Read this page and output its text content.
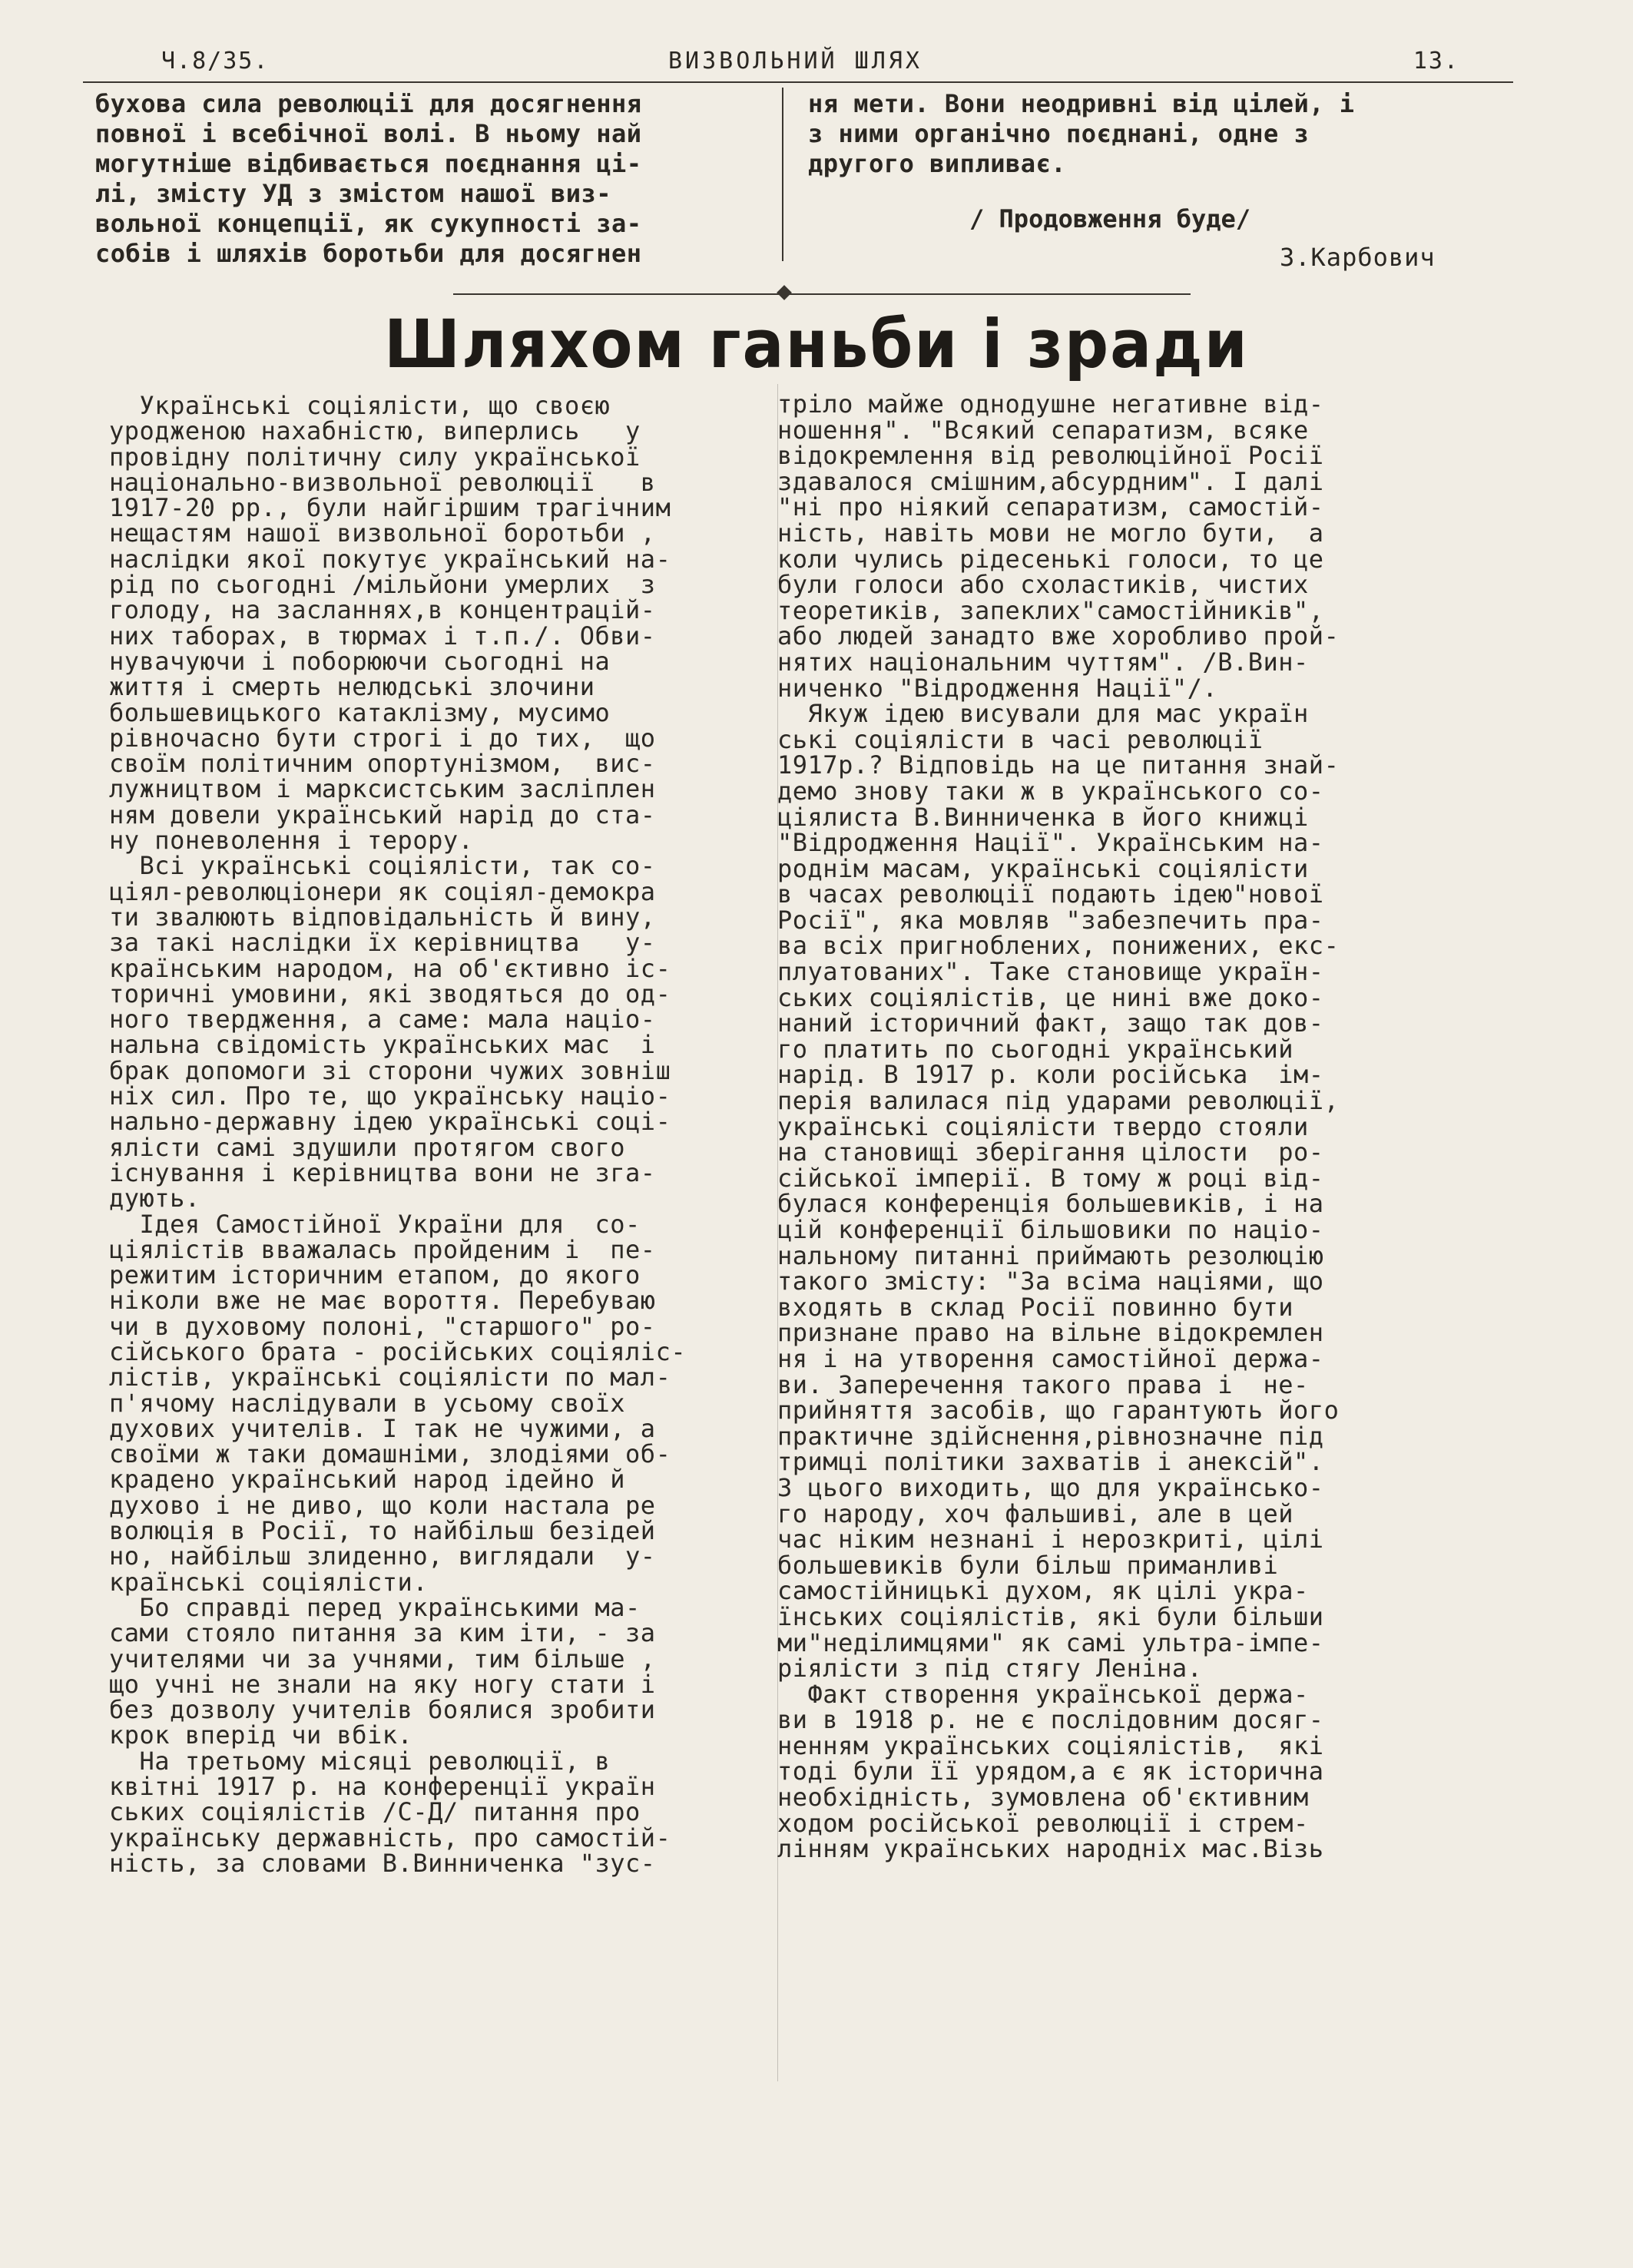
Ч.8/35.	ВИЗВОЛЬНИЙ ШЛЯХ	13.
бухова сила революції для досягнення
повної і всебічної волі. В ньому най
могутніше відбивається поєднання ці-
лі, змісту УД з змістом нашої виз-
вольної концепції, як сукупності за-
собів і шляхів боротьби для досягнен
ня мети. Вони неодривні від цілей, і
з ними органічно поєднані, одне з
другого випливає.
/ Продовження буде/
З.Карбович
Шляхом ганьби і зради
Українські соціялісти, що своєю
уродженою нахабністю, виперлись   у
провідну політичну силу української
національно-визвольної революції   в
1917-20 рр., були найгіршим трагічним
нещастям нашої визвольної боротьби ,
наслідки якої покутує український на-
рід по сьогодні /мільйони умерлих  з
голоду, на засланнях,в концентрацій-
них таборах, в тюрмах і т.п./. Обви-
нувачуючи і поборюючи сьогодні на
життя і смерть нелюдські злочини
большевицького катаклізму, мусимо
рівночасно бути строгі і до тих,  що
своїм політичним опортунізмом,  вис-
лужництвом і марксистським засліплен
ням довели український нарід до ста-
ну поневолення і терору.
Всі українські соціялісти, так со-
ціял-революціонери як соціял-демокра
ти звалюють відповідальність й вину,
за такі наслідки їх керівництва   у-
країнським народом, на об'єктивно іс-
торичні умовини, які зводяться до од-
ного твердження, а саме: мала націо-
нальна свідомість українських мас  і
брак допомоги зі сторони чужих зовніш
ніх сил. Про те, що українську націо-
нально-державну ідею українські соці-
ялісти самі здушили протягом свого
існування і керівництва вони не зга-
дують.
Ідея Самостійної України для  со-
ціялістів вважалась пройденим і  пе-
режитим історичним етапом, до якого
ніколи вже не має вороття. Перебуваю
чи в духовому полоні, "старшого" ро-
сійського брата - російських соціяліс-
лістів, українські соціялісти по мал-
п'ячому наслідували в усьому своїх
духових учителів. І так не чужими, а
своїми ж таки домашніми, злодіями об-
крадено український народ ідейно й
духово і не диво, що коли настала ре
волюція в Росії, то найбільш безідей
но, найбільш злиденно, виглядали  у-
країнські соціялісти.
Бо справді перед українськими ма-
сами стояло питання за ким іти, - за
учителями чи за учнями, тим більше ,
що учні не знали на яку ногу стати і
без дозволу учителів боялися зробити
крок вперід чи вбік.
На третьому місяці революції, в
квітні 1917 р. на конференції україн
ських соціялістів /С-Д/ питання про
українську державність, про самостій-
ність, за словами В.Винниченка "зус-
тріло майже однодушне негативне від-
ношення". "Всякий сепаратизм, всяке
відокремлення від революційної Росії
здавалося смішним,абсурдним". І далі
"ні про ніякий сепаратизм, самостій-
ність, навіть мови не могло бути,  а
коли чулись рідесенькі голоси, то це
були голоси або схоластиків, чистих
теоретиків, запеклих"самостійників",
або людей занадто вже хоробливо прой-
нятих національним чуттям". /В.Вин-
ниченко "Відродження Нації"/.
Якуж ідею висували для мас україн
ські соціялісти в часі революції
1917р.? Відповідь на це питання знай-
демо знову таки ж в українського со-
ціялиста В.Винниченка в його книжці
"Відродження Нації". Українським на-
роднім масам, українські соціялісти
в часах революції подають ідею"нової
Росії", яка мовляв "забезпечить пра-
ва всіх пригноблених, понижених, екс-
плуатованих". Таке становище україн-
ських соціялістів, це нині вже доко-
наний історичний факт, защо так дов-
го платить по сьогодні український
нарід. В 1917 р. коли російська  ім-
перія валилася під ударами революції,
українські соціялісти твердо стояли
на становищі зберігання цілости  ро-
сійської імперії. В тому ж році від-
булася конференція большевиків, і на
цій конференції більшовики по націо-
нальному питанні приймають резолюцію
такого змісту: "За всіма націями, що
входять в склад Росії повинно бути
признане право на вільне відокремлен
ня і на утворення самостійної держа-
ви. Заперечення такого права і  не-
прийняття засобів, що гарантують його
практичне здійснення,рівнозначне під
тримці політики захватів і анексій".
З цього виходить, що для українсько-
го народу, хоч фальшиві, але в цей
час ніким незнані і нерозкриті, цілі
большевиків були більш приманливі
самостійницькі духом, як цілі укра-
їнських соціялістів, які були більши
ми"неділимцями" як самі ультра-імпе-
ріялісти з під стягу Леніна.
Факт створення української держа-
ви в 1918 р. не є послідовним досяг-
ненням українських соціялістів,  які
тоді були її урядом,а є як історична
необхідність, зумовлена об'єктивним
ходом російської революції і стрем-
лінням українських народніх мас.Візь
